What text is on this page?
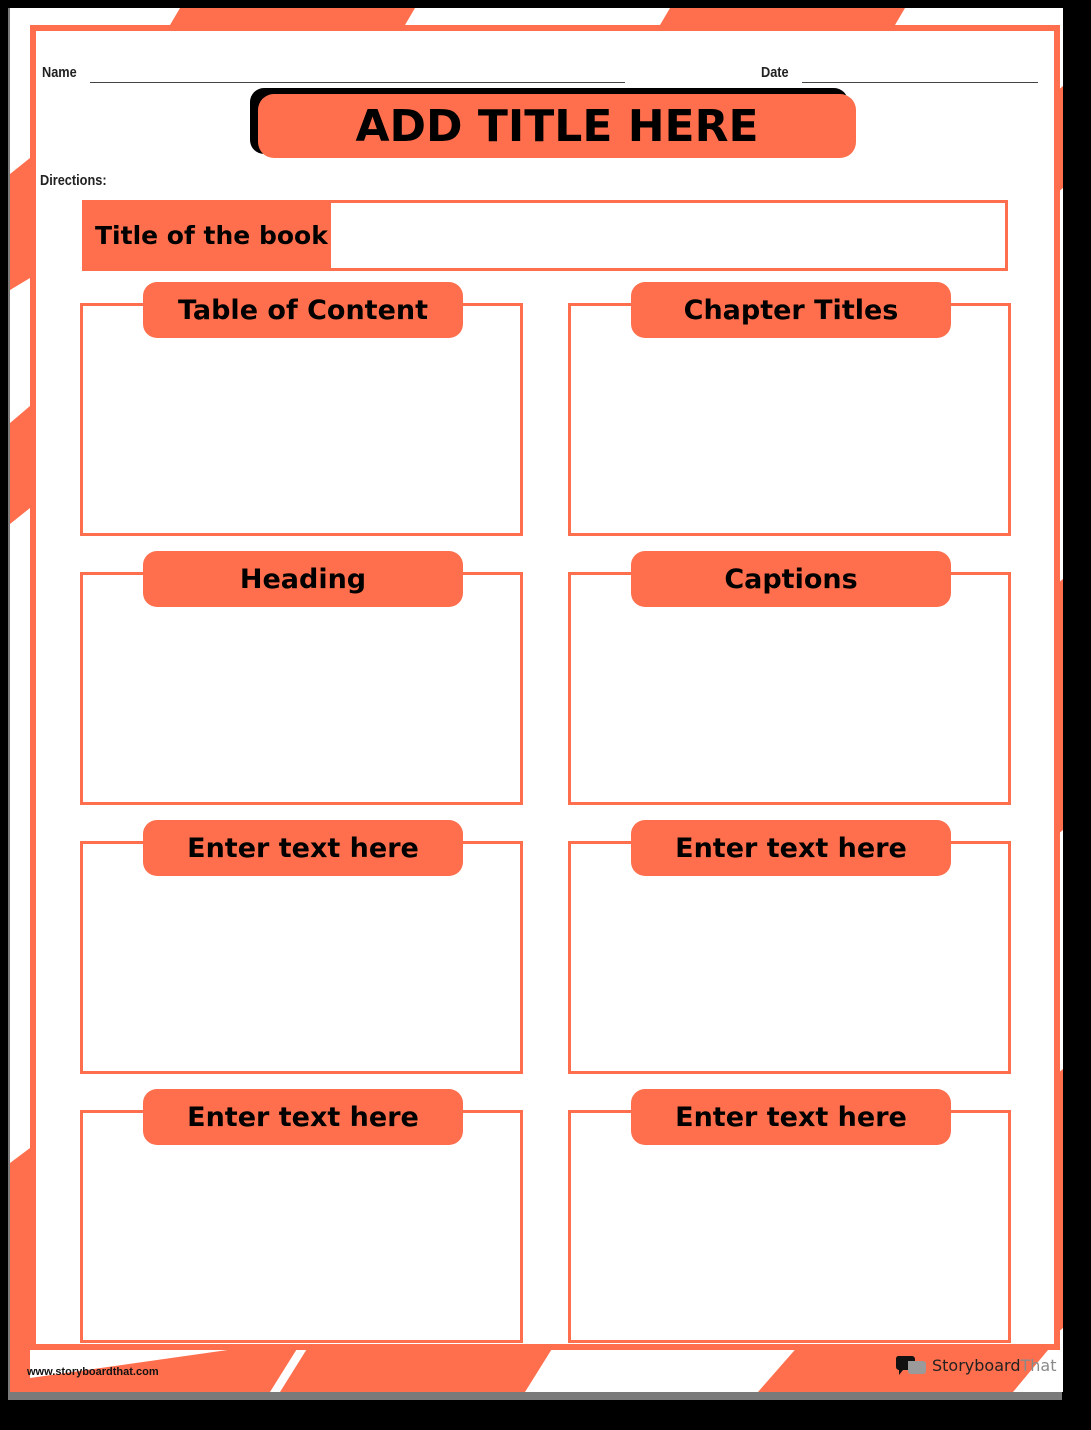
Name	Date
ADD TITLE HERE
Directions:
Title of the book
Table of Content	Chapter Titles
Heading	Captions
Enter text here	Enter text here
Enter text here	Enter text here
www.storyboardthat.com	StoryboardThat
